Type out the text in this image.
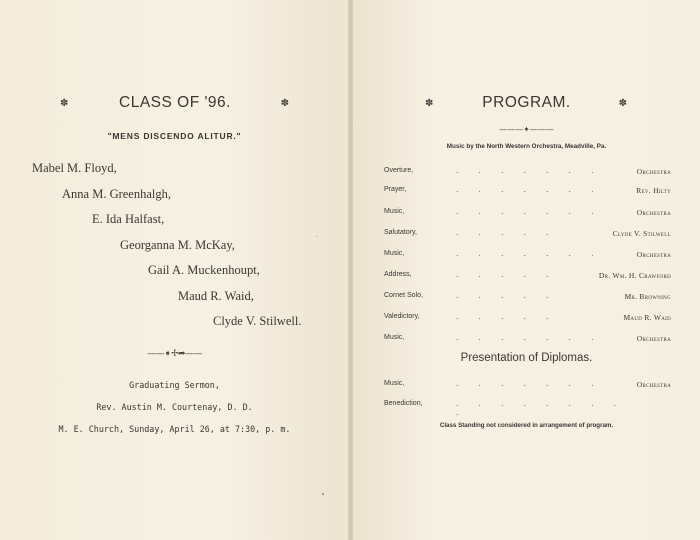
✽	CLASS OF '96.	✽
"MENS DISCENDO ALITUR."
Mabel M. Floyd,
Anna M. Greenhalgh,
E. Ida Halfast,
Georganna M. McKay,
Gail A. Muckenhoupt,
Maud R. Waid,
Clyde V. Stilwell.
——➧✢➦——
Graduating Sermon,
Rev. Austin M. Courtenay, D. D.
M. E. Church, Sunday, April 26, at 7:30, p. m.
✽	PROGRAM.	✽
———✦———
Music by the North Western Orchestra, Meadville, Pa.
Overture,	.	.	.	.	.	.	.	Orchestra
Prayer,	.	.	.	.	.	.	.	Rev. Hilty
Music,	.	.	.	.	.	.	.	Orchestra
Salutatory,	.	.	.	.	.	Clyde V. Stilwell
Music,	.	.	.	.	.	.	.	Orchestra
Address,	.	.	.	.	.	Dr. Wm. H. Crawford
Cornet Solo,	.	.	.	.	.	Mr. Browning
Valedictory,	.	.	.	.	.	Maud R. Waid
Music,	.	.	.	.	.	.	.	Orchestra
Presentation of Diplomas.
Music,	.	.	.	.	.	.	.	Orchestra
Benediction,	.	.	.	.	.	.	.	..
Class Standing not considered in arrangement of program.
